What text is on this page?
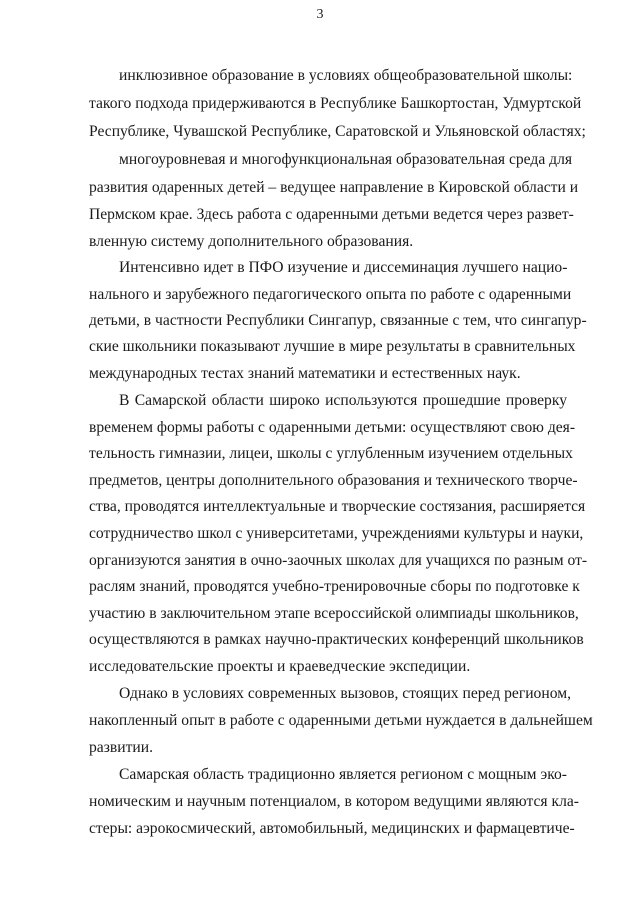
3
инклюзивное образование в условиях общеобразовательной школы:
такого подхода придерживаются в Республике Башкортостан, Удмуртской
Республике, Чувашской Республике, Саратовской и Ульяновской областях;
многоуровневая и многофункциональная образовательная среда для
развития одаренных детей – ведущее направление в Кировской области и
Пермском крае. Здесь работа с одаренными детьми ведется через развет-
вленную систему дополнительного образования.
Интенсивно идет в ПФО изучение и диссеминация лучшего нацио-
нального и зарубежного педагогического опыта по работе с одаренными
детьми, в частности Республики Сингапур, связанные с тем, что сингапур-
ские школьники показывают лучшие в мире результаты в сравнительных
международных тестах знаний математики и естественных наук.
В Самарской области широко используются прошедшие проверку
временем формы работы с одаренными детьми: осуществляют свою дея-
тельность гимназии, лицеи, школы с углубленным изучением отдельных
предметов, центры дополнительного образования и технического творче-
ства, проводятся интеллектуальные и творческие состязания, расширяется
сотрудничество школ с университетами, учреждениями культуры и науки,
организуются занятия в очно-заочных школах для учащихся по разным от-
раслям знаний, проводятся учебно-тренировочные сборы по подготовке к
участию в заключительном этапе всероссийской олимпиады школьников,
осуществляются в рамках научно-практических конференций школьников
исследовательские проекты и краеведческие экспедиции.
Однако в условиях современных вызовов, стоящих перед регионом,
накопленный опыт в работе с одаренными детьми нуждается в дальнейшем
развитии.
Самарская область традиционно является регионом с мощным эко-
номическим и научным потенциалом, в котором ведущими являются кла-
стеры: аэрокосмический, автомобильный, медицинских и фармацевтиче-
